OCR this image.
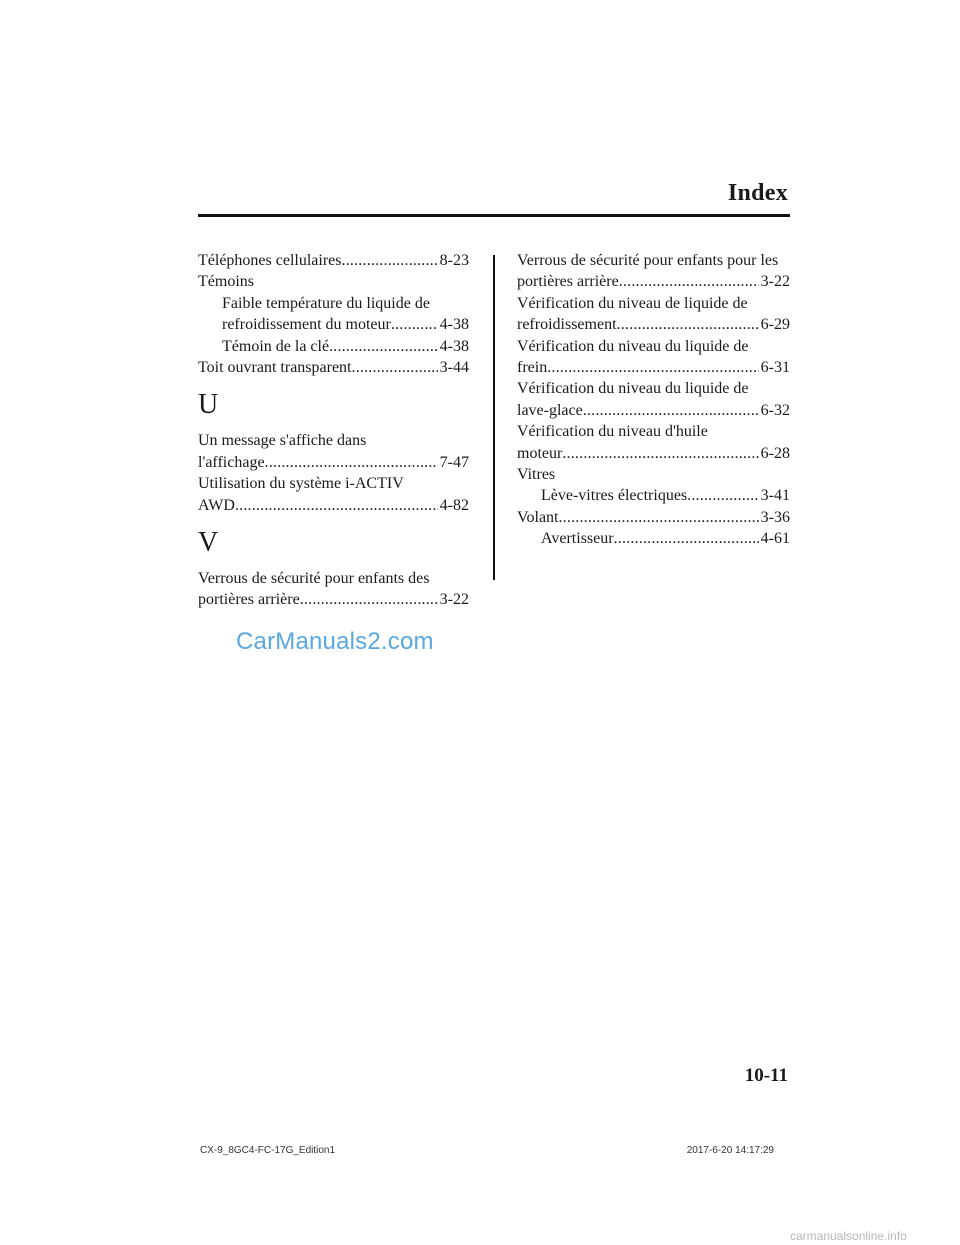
Index
Téléphones cellulaires .....	8-23
Témoins
Faible température du liquide de
refroidissement du moteur .....	4-38
Témoin de la clé .....	4-38
Toit ouvrant transparent .....	3-44
U
Un message s'affiche dans
l'affichage .....	7-47
Utilisation du système i-ACTIV
AWD .....	4-82
V
Verrous de sécurité pour enfants des
portières arrière .....	3-22
Verrous de sécurité pour enfants pour les
portières arrière .....	3-22
Vérification du niveau de liquide de
refroidissement .....	6-29
Vérification du niveau du liquide de
frein .....	6-31
Vérification du niveau du liquide de
lave-glace .....	6-32
Vérification du niveau d'huile
moteur .....	6-28
Vitres
Lève-vitres électriques .....	3-41
Volant .....	3-36
Avertisseur .....	4-61
CarManuals2.com
10-11
CX-9_8GC4-FC-17G_Edition1	2017-6-20 14:17:29
carmanualsonline.info
